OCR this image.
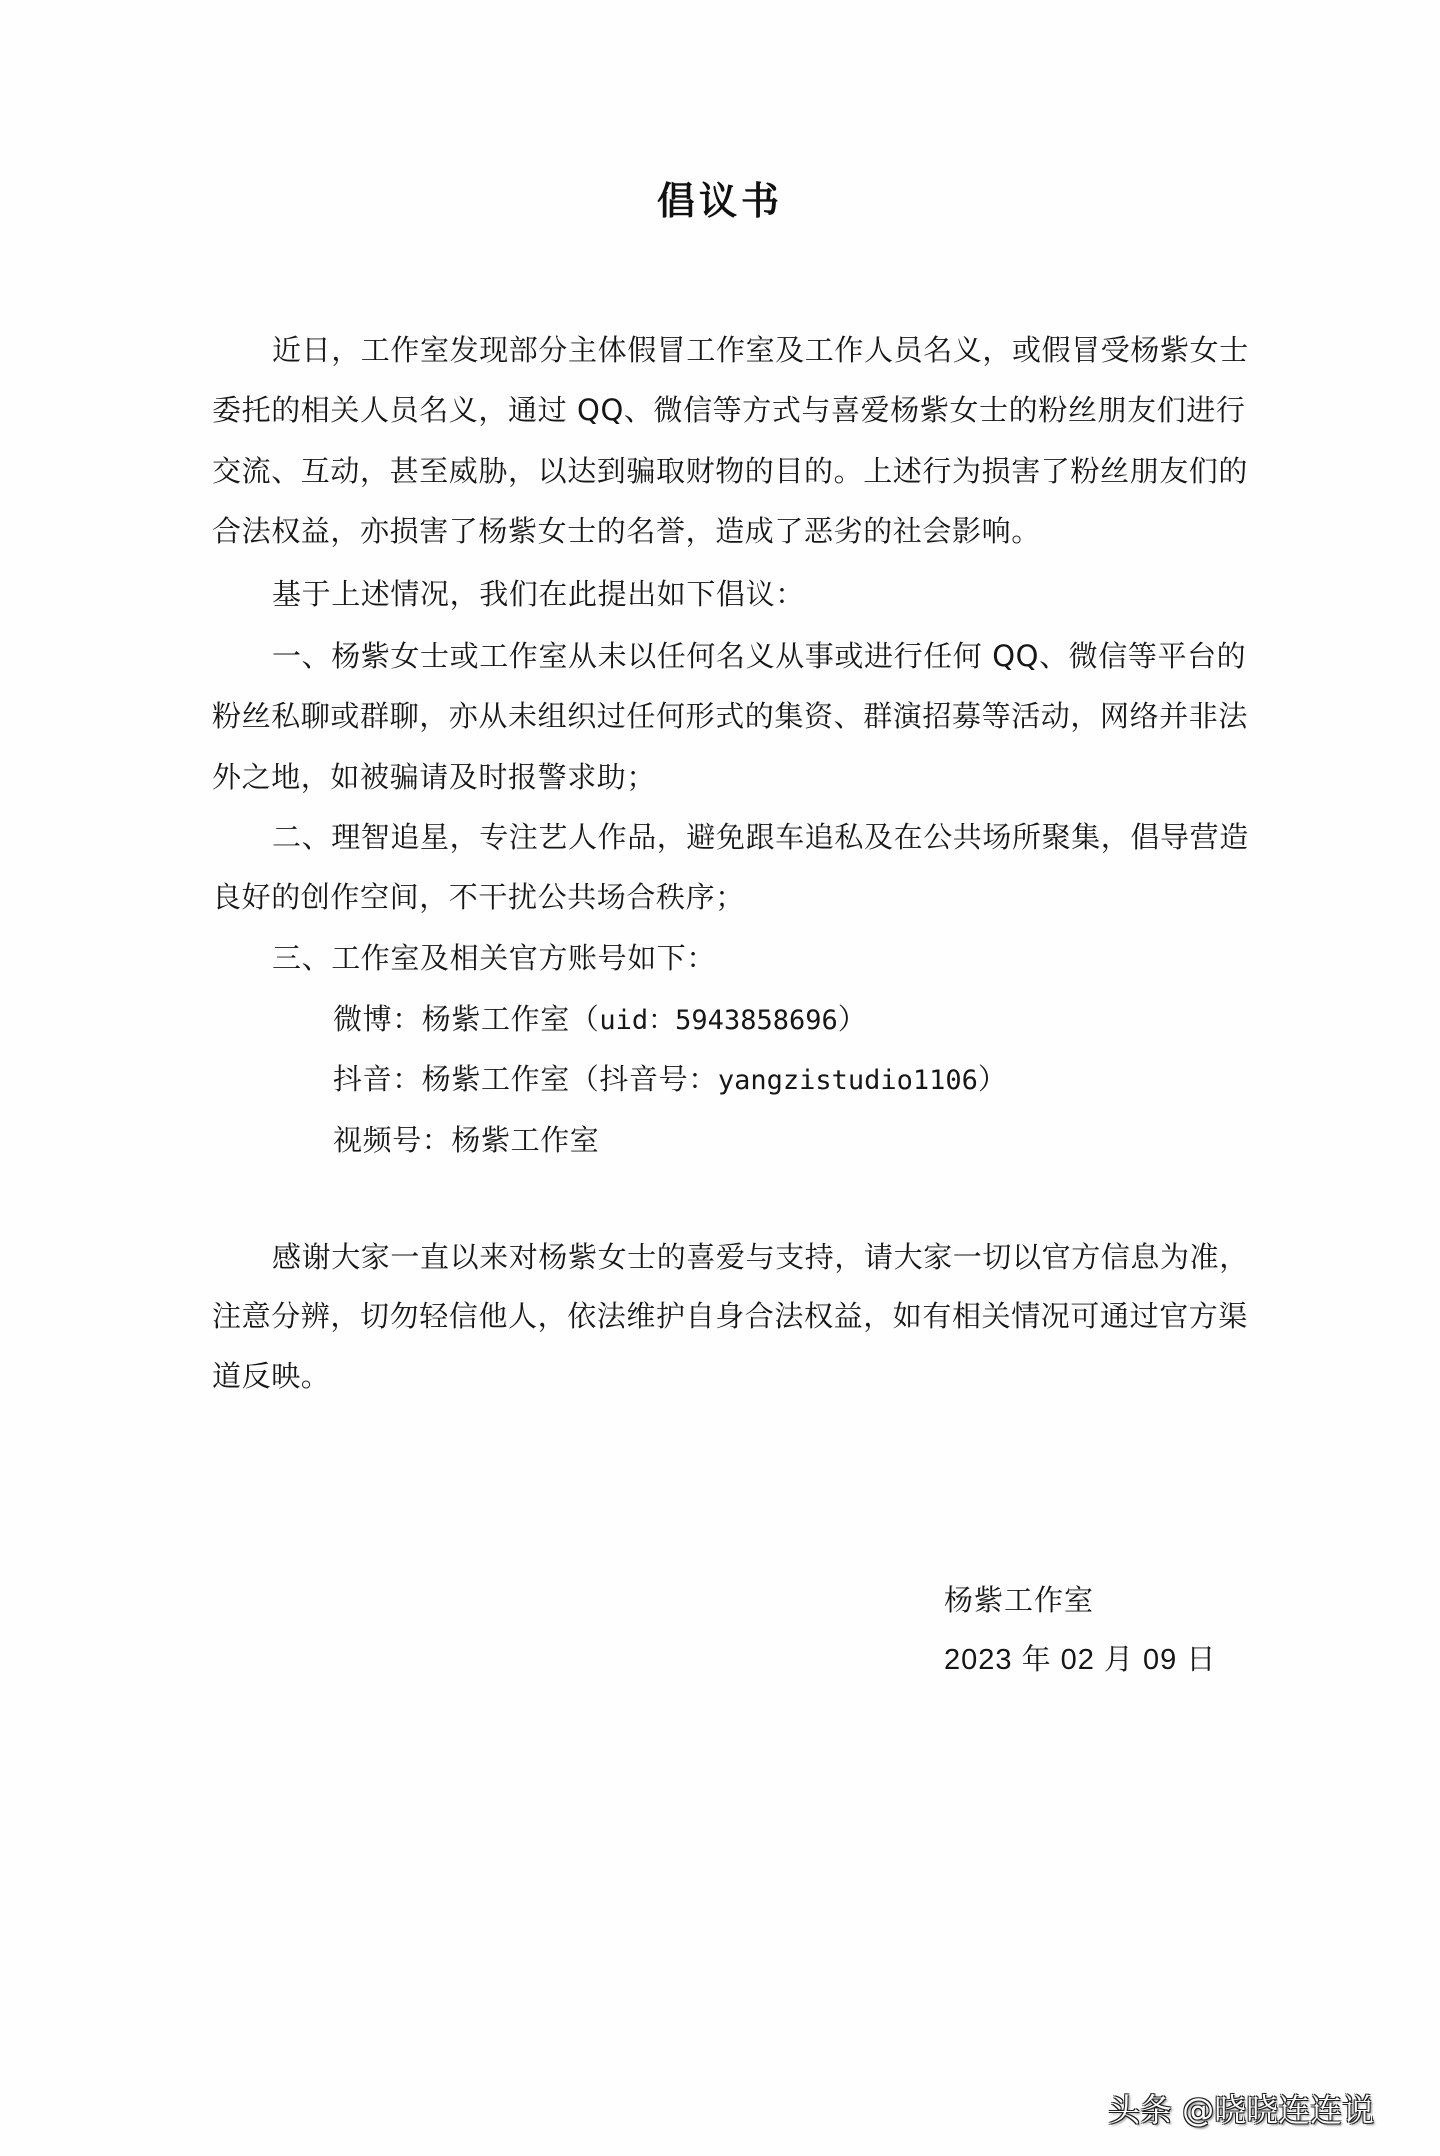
倡议书
近日，工作室发现部分主体假冒工作室及工作人员名义，或假冒受杨紫女士
委托的相关人员名义，通过 QQ、微信等方式与喜爱杨紫女士的粉丝朋友们进行
交流、互动，甚至威胁，以达到骗取财物的目的。上述行为损害了粉丝朋友们的
合法权益，亦损害了杨紫女士的名誉，造成了恶劣的社会影响。
基于上述情况，我们在此提出如下倡议：
一、杨紫女士或工作室从未以任何名义从事或进行任何 QQ、微信等平台的
粉丝私聊或群聊，亦从未组织过任何形式的集资、群演招募等活动，网络并非法
外之地，如被骗请及时报警求助；
二、理智追星，专注艺人作品，避免跟车追私及在公共场所聚集，倡导营造
良好的创作空间，不干扰公共场合秩序；
三、工作室及相关官方账号如下：
微博：杨紫工作室（uid：5943858696）
抖音：杨紫工作室（抖音号：yangzistudio1106）
视频号：杨紫工作室
感谢大家一直以来对杨紫女士的喜爱与支持，请大家一切以官方信息为准，
注意分辨，切勿轻信他人，依法维护自身合法权益，如有相关情况可通过官方渠
道反映。
杨紫工作室
2023 年 02 月 09 日
头条 @晓晓连连说
